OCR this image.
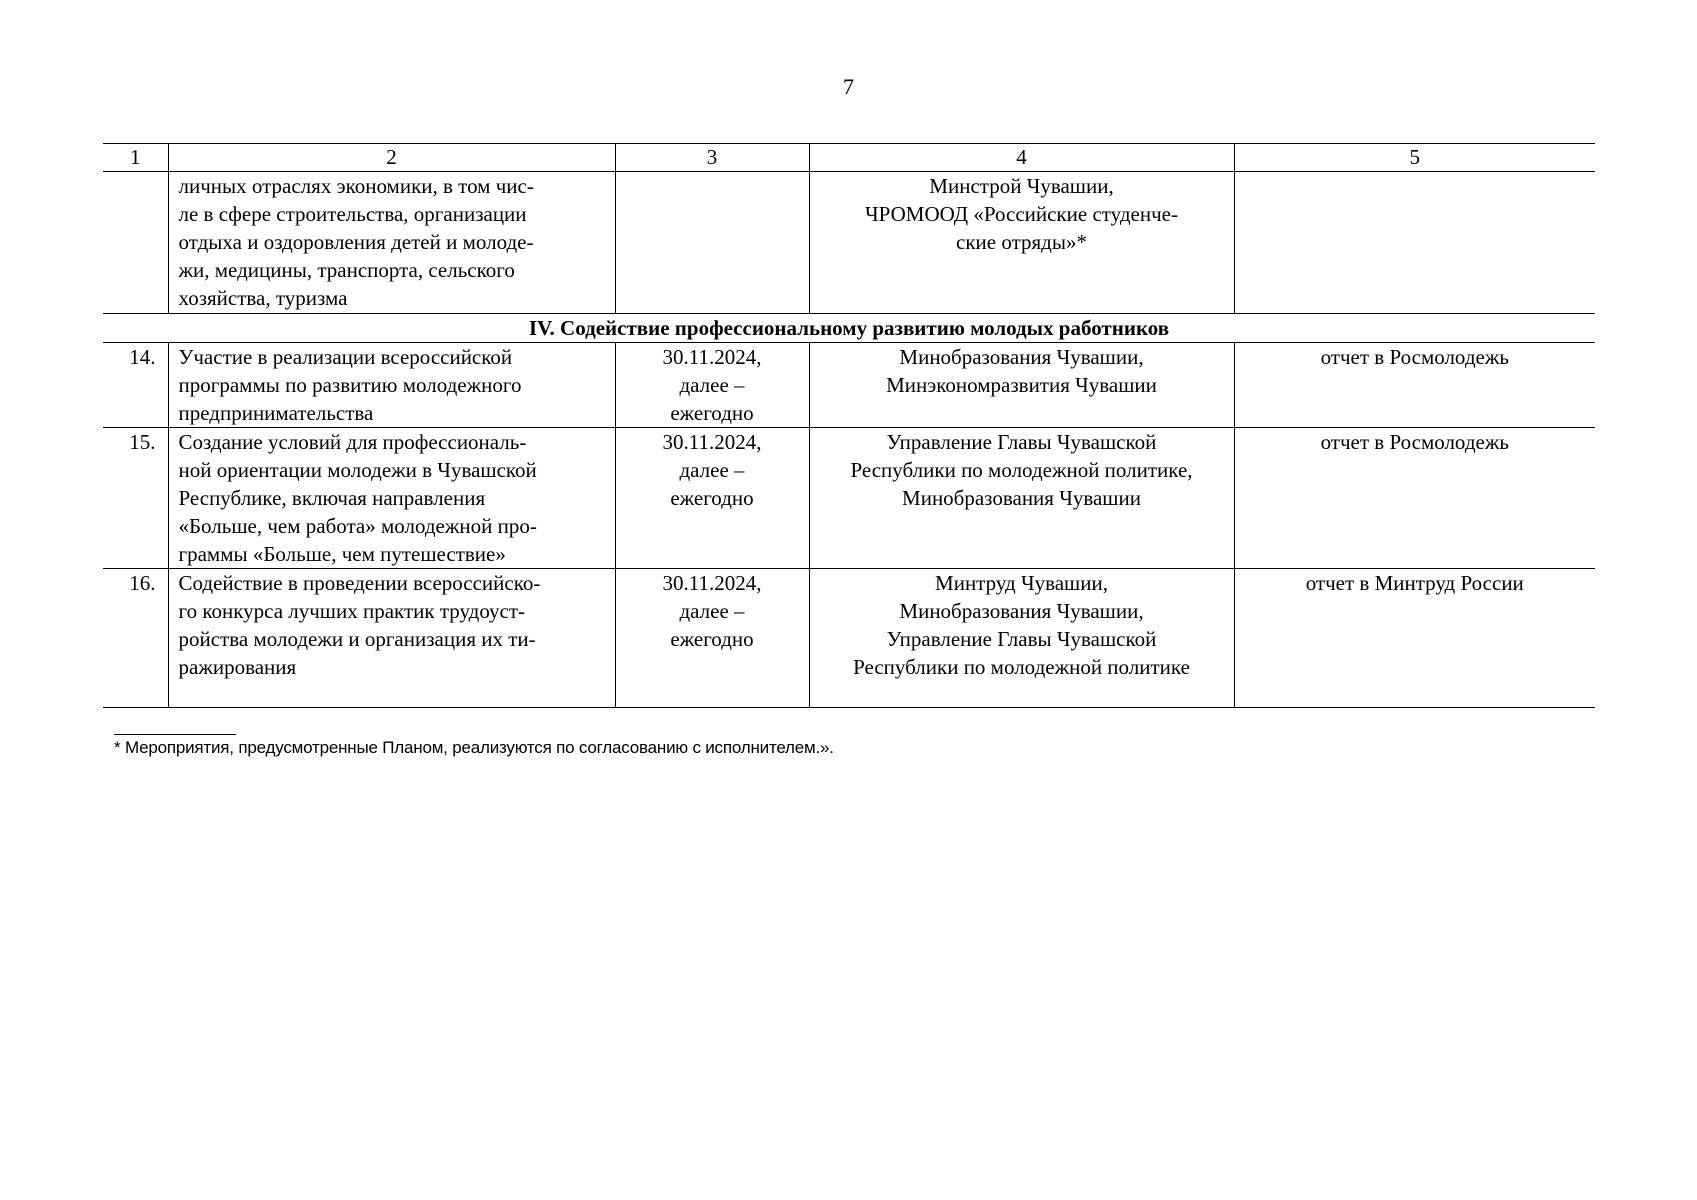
7
1	2	3	4	5
	личных отраслях экономики, в том чис-
ле в сфере строительства, организации
отдыха и оздоровления детей и молоде-
жи, медицины, транспорта, сельского
хозяйства, туризма		Минстрой Чувашии,
ЧРОМООД «Российские студенче-
ские отряды»*	
IV. Содействие профессиональному развитию молодых работников				
14.	Участие в реализации всероссийской
программы по развитию молодежного
предпринимательства	30.11.2024,
далее –
ежегодно	Минобразования Чувашии,
Минэкономразвития Чувашии	отчет в Росмолодежь
15.	Создание условий для профессиональ-
ной ориентации молодежи в Чувашской
Республике, включая направления
«Больше, чем работа» молодежной про-
граммы «Больше, чем путешествие»	30.11.2024,
далее –
ежегодно	Управление Главы Чувашской
Республики по молодежной политике,
Минобразования Чувашии	отчет в Росмолодежь
16.	Содействие в проведении всероссийско-
го конкурса лучших практик трудоуст-
ройства молодежи и организация их ти-
ражирования	30.11.2024,
далее –
ежегодно	Минтруд Чувашии,
Минобразования Чувашии,
Управление Главы Чувашской
Республики по молодежной политике	отчет в Минтруд России
* Мероприятия, предусмотренные Планом, реализуются по согласованию с исполнителем.».
